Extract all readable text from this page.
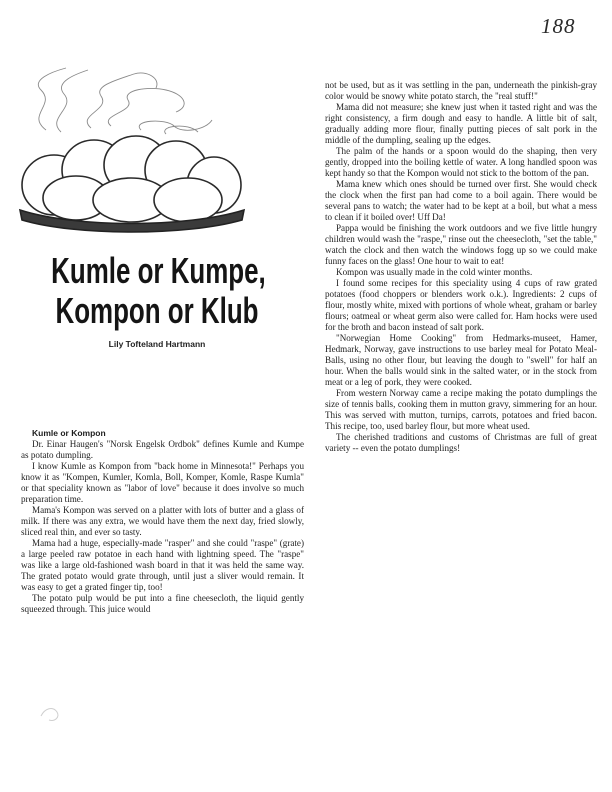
188
Kumle or Kumpe,
Kompon or Klub
Lily Tofteland Hartmann

Kumle or Kompon

Dr. Einar Haugen's "Norsk Engelsk Ordbok" defines Kumle and Kumpe as potato dumpling.

I know Kumle as Kompon from "back home in Minnesota!" Perhaps you know it as "Kompen, Kumler, Komla, Boll, Komper, Komle, Raspe Kumla" or that speciality known as "labor of love" because it does involve so much preparation time.

Mama's Kompon was served on a platter with lots of butter and a glass of milk. If there was any extra, we would have them the next day, fried slowly, sliced real thin, and ever so tasty.

Mama had a huge, especially-made "rasper" and she could "raspe" (grate) a large peeled raw potatoe in each hand with lightning speed. The "raspe" was like a large old-fashioned wash board in that it was held the same way. The grated potato would grate through, until just a sliver would remain. It was easy to get a grated finger tip, too!

The potato pulp would be put into a fine cheesecloth, the liquid gently squeezed through. This juice would

not be used, but as it was settling in the pan, underneath the pinkish-gray color would be snowy white potato starch, the "real stuff!"

Mama did not measure; she knew just when it tasted right and was the right consistency, a firm dough and easy to handle. A little bit of salt, gradually adding more flour, finally putting pieces of salt pork in the middle of the dumpling, sealing up the edges.

The palm of the hands or a spoon would do the shaping, then very gently, dropped into the boiling kettle of water. A long handled spoon was kept handy so that the Kompon would not stick to the bottom of the pan.

Mama knew which ones should be turned over first. She would check the clock when the first pan had come to a boil again. There would be several pans to watch; the water had to be kept at a boil, but what a mess to clean if it boiled over! Uff Da!

Pappa would be finishing the work outdoors and we five little hungry children would wash the "raspe," rinse out the cheesecloth, "set the table," watch the clock and then watch the windows fogg up so we could make funny faces on the glass! One hour to wait to eat!

Kompon was usually made in the cold winter months.

I found some recipes for this speciality using 4 cups of raw grated potatoes (food choppers or blenders work o.k.). Ingredients: 2 cups of flour, mostly white, mixed with portions of whole wheat, graham or barley flours; oatmeal or wheat germ also were called for. Ham hocks were used for the broth and bacon instead of salt pork.

"Norwegian Home Cooking" from Hedmarks-museet, Hamer, Hedmark, Norway, gave instructions to use barley meal for Potato Meal-Balls, using no other flour, but leaving the dough to "swell" for half an hour. When the balls would sink in the salted water, or in the stock from meat or a leg of pork, they were cooked.

From western Norway came a recipe making the potato dumplings the size of tennis balls, cooking them in mutton gravy, simmering for an hour. This was served with mutton, turnips, carrots, potatoes and fried bacon. This recipe, too, used barley flour, but more wheat used.

The cherished traditions and customs of Christmas are full of great variety -- even the potato dumplings!
